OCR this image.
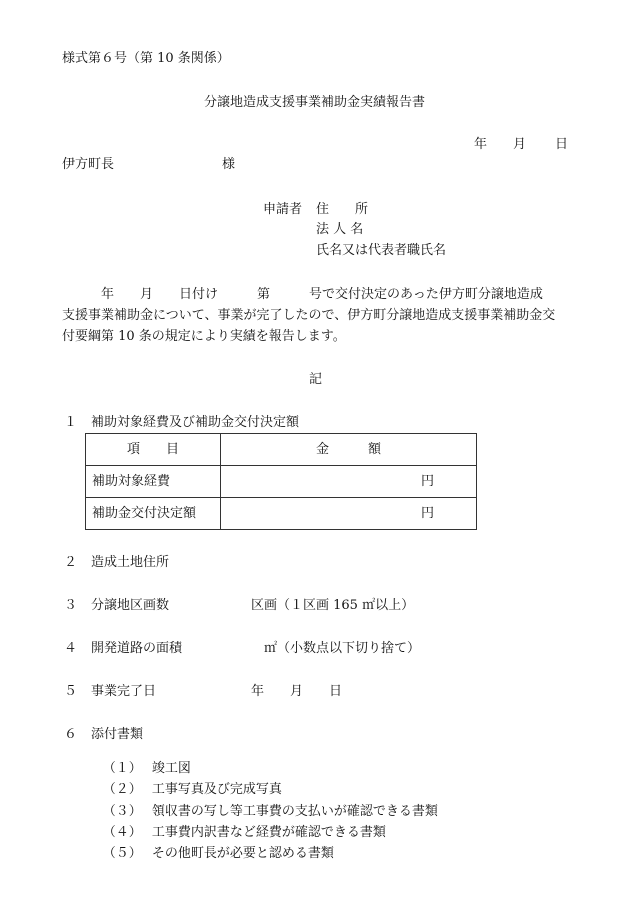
様式第６号（第 10 条関係）
分譲地造成支援事業補助金実績報告書
年 月 日
伊方町長	様
申請者 住　　所
法 人 名
氏名又は代表者職氏名
　　　年　　月　　日付け　　　第　　　号で交付決定のあった伊方町分譲地造成
支援事業補助金について、事業が完了したので、伊方町分譲地造成支援事業補助金交
付要綱第 10 条の規定により実績を報告します。
記
１ 補助対象経費及び補助金交付決定額
項　　目	金　　　額
補助対象経費	円
補助金交付決定額	円
２ 造成土地住所
３ 分譲地区画数	区画（１区画 165 ㎡以上）
４ 開発道路の面積	㎡（小数点以下切り捨て）
５ 事業完了日	年　　月　　日
６ 添付書類

（１） 竣工図

（２） 工事写真及び完成写真

（３） 領収書の写し等工事費の支払いが確認できる書類

（４） 工事費内訳書など経費が確認できる書類

（５） その他町長が必要と認める書類
